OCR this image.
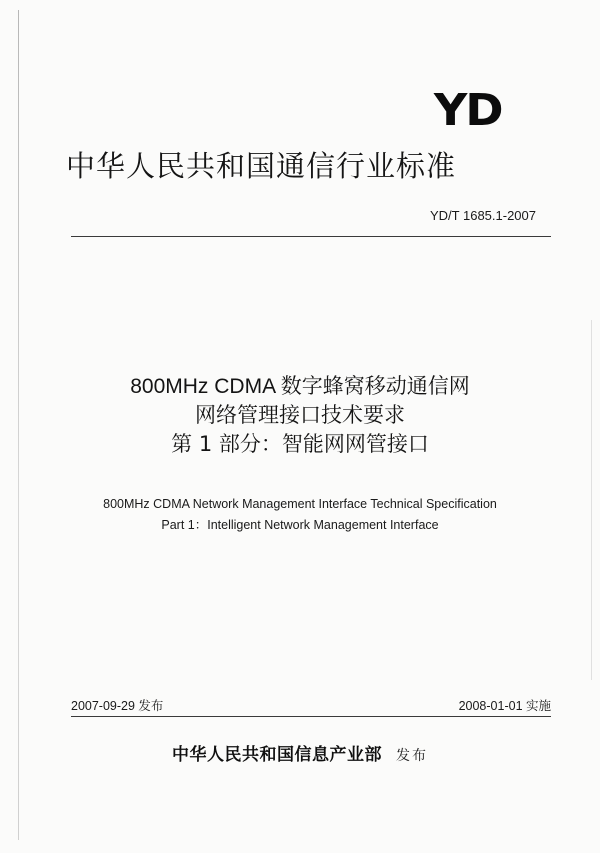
YD
中华人民共和国通信行业标准
YD/T 1685.1-2007
800MHz CDMA 数字蜂窝移动通信网
网络管理接口技术要求
第 1 部分：智能网网管接口
800MHz CDMA Network Management Interface Technical Specification
Part 1：Intelligent Network Management Interface
2007-09-29 发布	2008-01-01 实施
中华人民共和国信息产业部 发布
